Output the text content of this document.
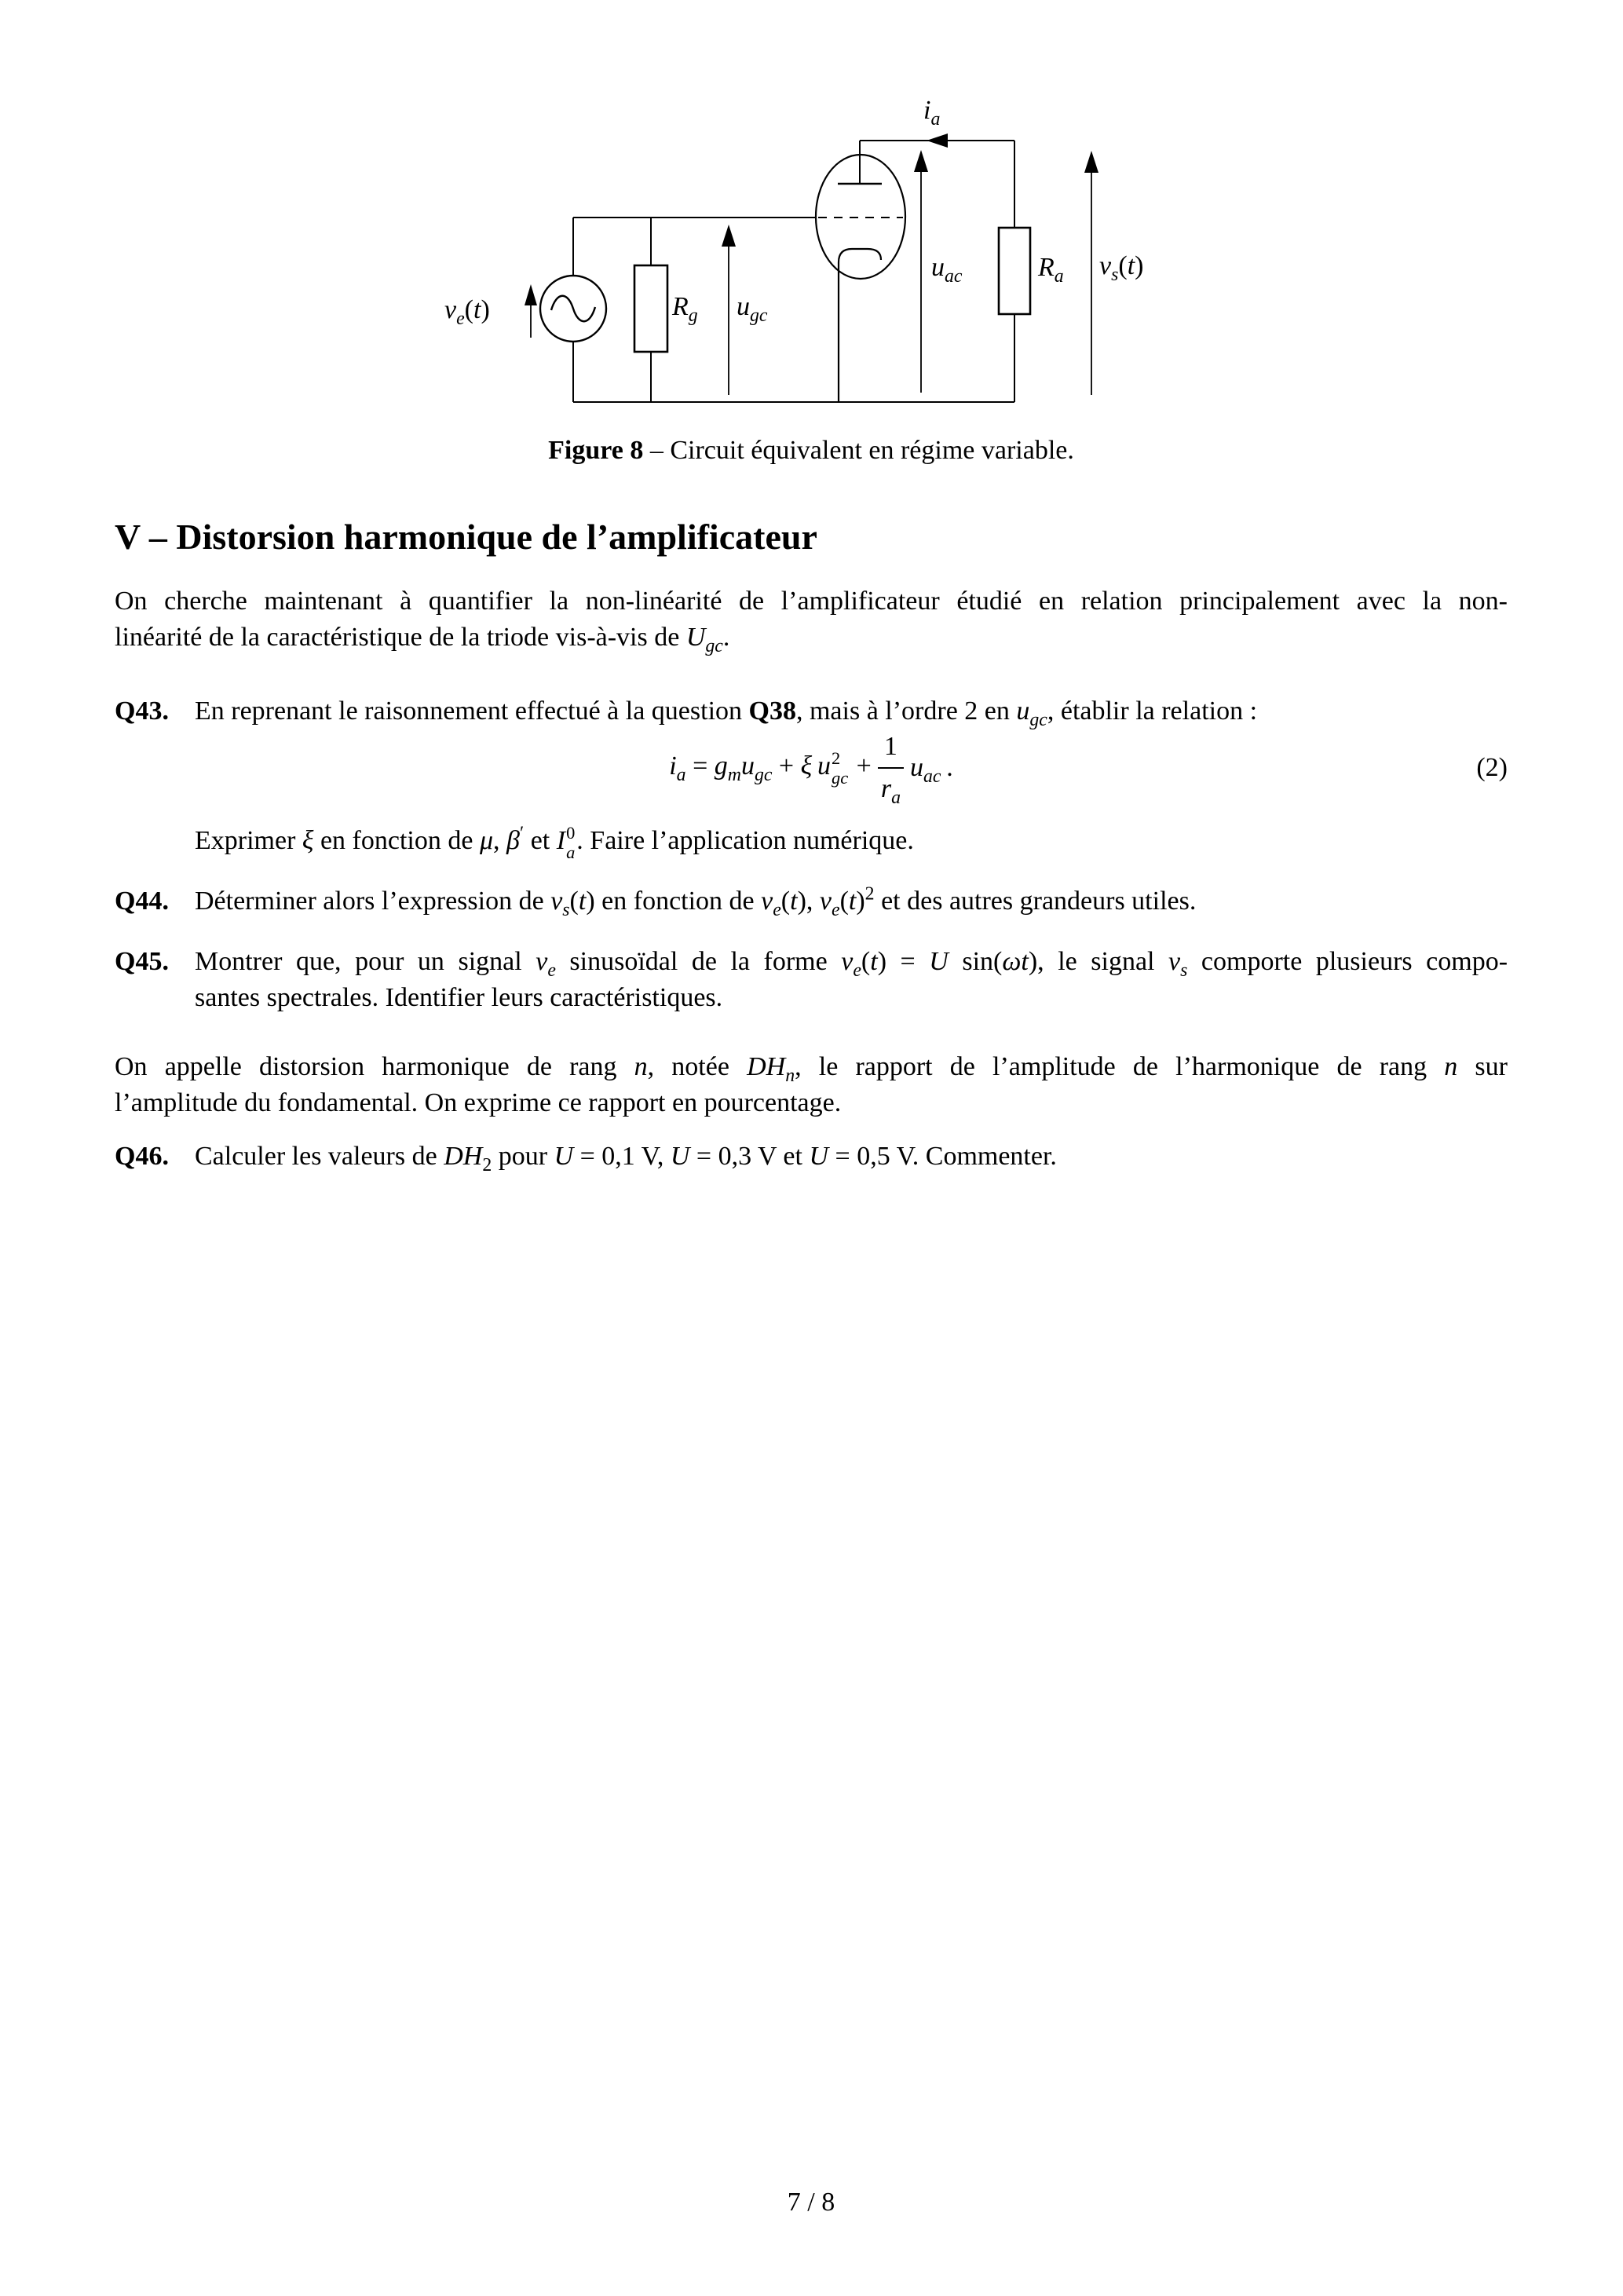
$v_e(t)$	$R_g$ $u_{gc}$
$i_a$
$u_{ac}$	$R_a$ $v_s(t)$
Figure 8 – Circuit équivalent en régime variable.
V – Distorsion harmonique de l’amplificateur
On cherche maintenant à quantifier la non-linéarité de l’amplificateur étudié en relation principalement avec la non-
linéarité de la caractéristique de la triode vis-à-vis de $U_{gc}$.
Q43. En reprenant le raisonnement effectué à la question Q38, mais à l’ordre 2 en $u_{gc}$, établir la relation :
$i_a = g_mu_{gc} + \xi$  u 2
gc + $\frac{1}{r_a} u_{ac}$ .	(2)
Exprimer ξ en fonction de μ, β′ et I 0
a . Faire l’application numérique.
Q44. Déterminer alors l’expression de $v_s(t)$ en fonction de $v_e(t)$, $v_e(t)^2$ et des autres grandeurs utiles.
Q45. Montrer que, pour un signal $v_e$ sinusoïdal de la forme $v_e(t) = U$ sin(ωt), le signal $v_s$ comporte plusieurs compo-
santes spectrales. Identifier leurs caractéristiques.
On appelle distorsion harmonique de rang n, notée $DH_n$, le rapport de l’amplitude de l’harmonique de rang n sur
l’amplitude du fondamental. On exprime ce rapport en pourcentage.
Q46. Calculer les valeurs de $DH_2$ pour U = 0,1 V, U = 0,3 V et U = 0,5 V. Commenter.
7 / 8
